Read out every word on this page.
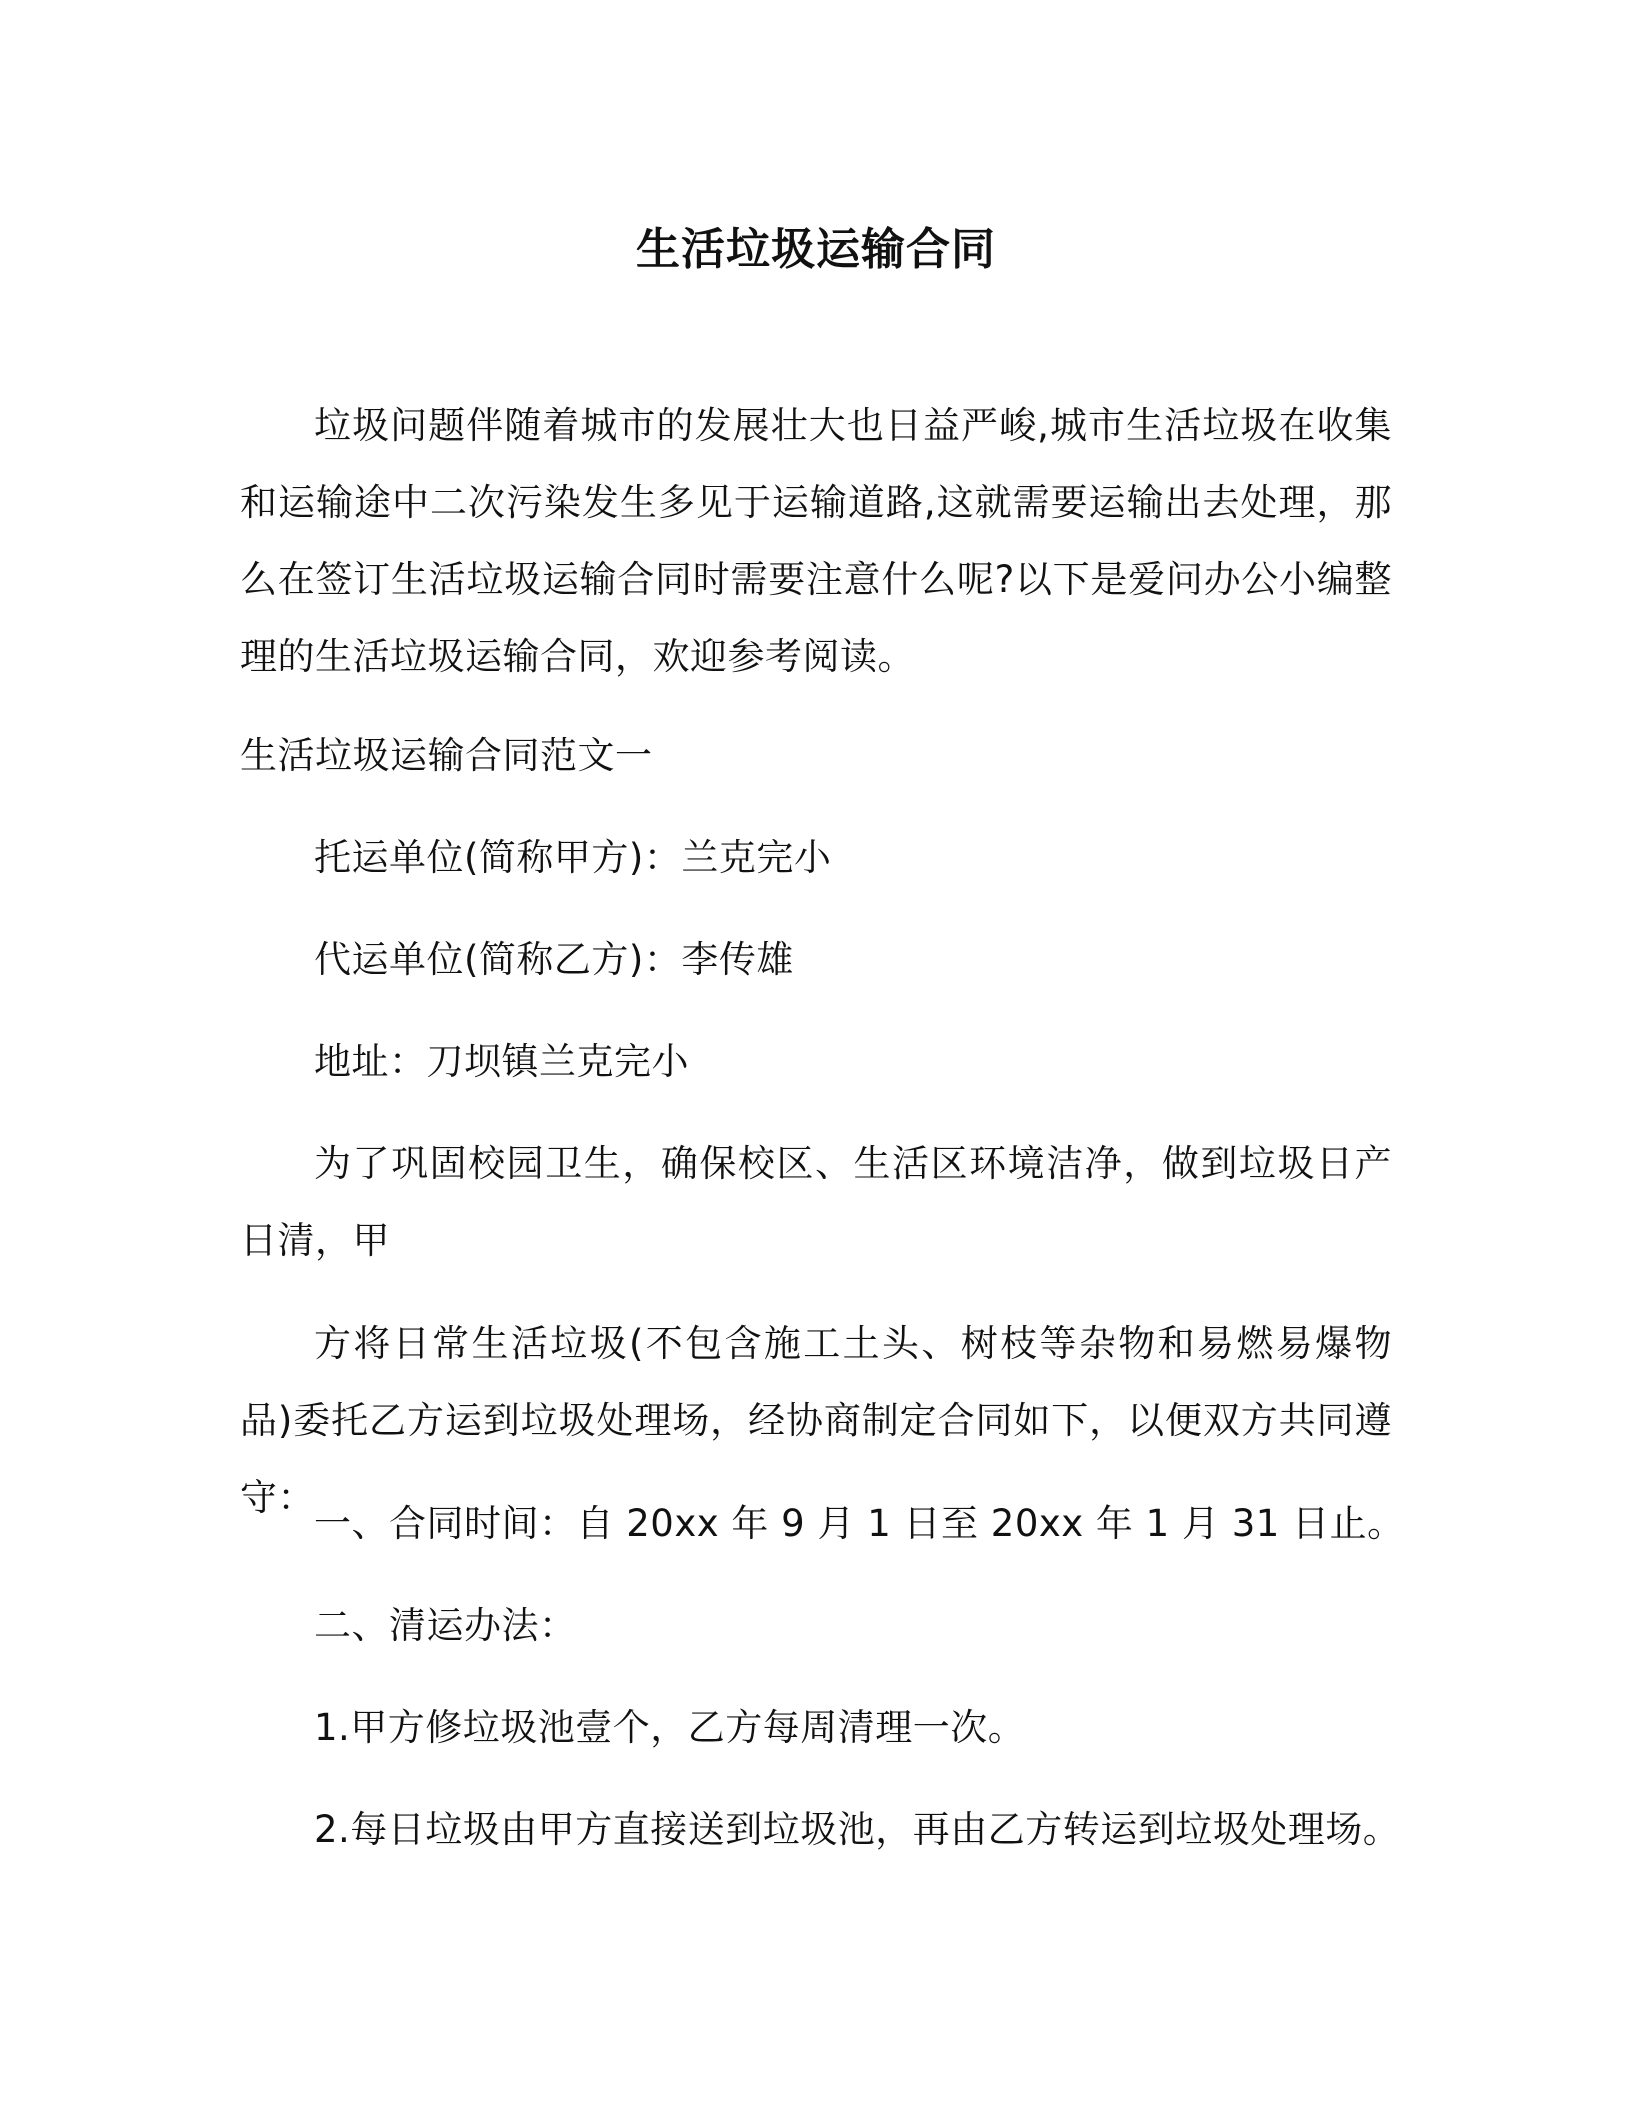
生活垃圾运输合同

垃圾问题伴随着城市的发展壮大也日益严峻,城市生活垃圾在收集和运输途中二次污染发生多见于运输道路,这就需要运输出去处理，那么在签订生活垃圾运输合同时需要注意什么呢?以下是爱问办公小编整理的生活垃圾运输合同，欢迎参考阅读。

生活垃圾运输合同范文一

托运单位(简称甲方)：兰克完小

代运单位(简称乙方)：李传雄

地址：刀坝镇兰克完小

为了巩固校园卫生，确保校区、生活区环境洁净，做到垃圾日产日清，甲

方将日常生活垃圾(不包含施工土头、树枝等杂物和易燃易爆物品)委托乙方运到垃圾处理场，经协商制定合同如下，以便双方共同遵守：

一、合同时间：自 20xx 年 9 月 1 日至 20xx 年 1 月 31 日止。

二、清运办法：

1.甲方修垃圾池壹个，乙方每周清理一次。

2.每日垃圾由甲方直接送到垃圾池，再由乙方转运到垃圾处理场。
